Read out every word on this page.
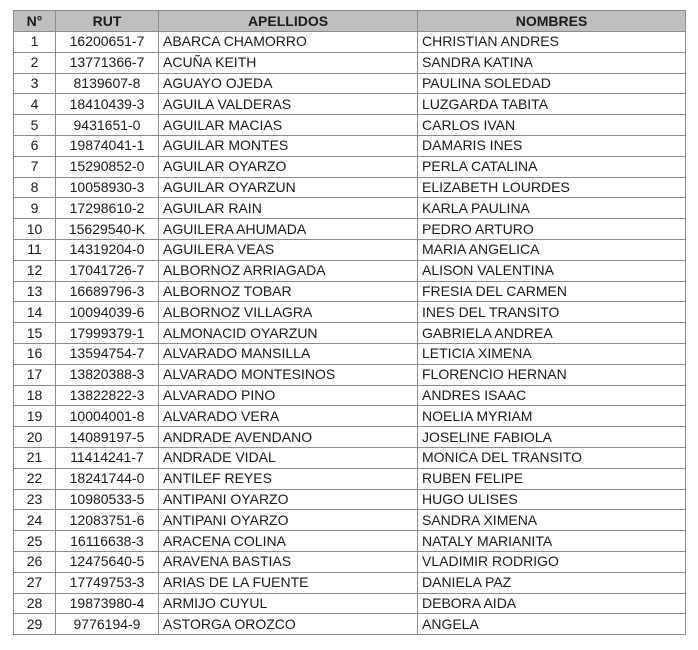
N°	RUT	APELLIDOS	NOMBRES
1	16200651-7	ABARCA CHAMORRO	CHRISTIAN ANDRES
2	13771366-7	ACUÑA KEITH	SANDRA KATINA
3	8139607-8	AGUAYO OJEDA	PAULINA SOLEDAD
4	18410439-3	AGUILA VALDERAS	LUZGARDA TABITA
5	9431651-0	AGUILAR MACIAS	CARLOS IVAN
6	19874041-1	AGUILAR MONTES	DAMARIS INES
7	15290852-0	AGUILAR OYARZO	PERLA CATALINA
8	10058930-3	AGUILAR OYARZUN	ELIZABETH LOURDES
9	17298610-2	AGUILAR RAIN	KARLA PAULINA
10	15629540-K	AGUILERA AHUMADA	PEDRO ARTURO
11	14319204-0	AGUILERA VEAS	MARIA ANGELICA
12	17041726-7	ALBORNOZ ARRIAGADA	ALISON VALENTINA
13	16689796-3	ALBORNOZ TOBAR	FRESIA DEL CARMEN
14	10094039-6	ALBORNOZ VILLAGRA	INES DEL TRANSITO
15	17999379-1	ALMONACID OYARZUN	GABRIELA ANDREA
16	13594754-7	ALVARADO MANSILLA	LETICIA XIMENA
17	13820388-3	ALVARADO MONTESINOS	FLORENCIO HERNAN
18	13822822-3	ALVARADO PINO	ANDRES ISAAC
19	10004001-8	ALVARADO VERA	NOELIA MYRIAM
20	14089197-5	ANDRADE AVENDANO	JOSELINE FABIOLA
21	11414241-7	ANDRADE VIDAL	MONICA DEL TRANSITO
22	18241744-0	ANTILEF REYES	RUBEN FELIPE
23	10980533-5	ANTIPANI OYARZO	HUGO ULISES
24	12083751-6	ANTIPANI OYARZO	SANDRA XIMENA
25	16116638-3	ARACENA COLINA	NATALY MARIANITA
26	12475640-5	ARAVENA BASTIAS	VLADIMIR RODRIGO
27	17749753-3	ARIAS DE LA FUENTE	DANIELA PAZ
28	19873980-4	ARMIJO CUYUL	DEBORA AIDA
29	9776194-9	ASTORGA OROZCO	ANGELA
